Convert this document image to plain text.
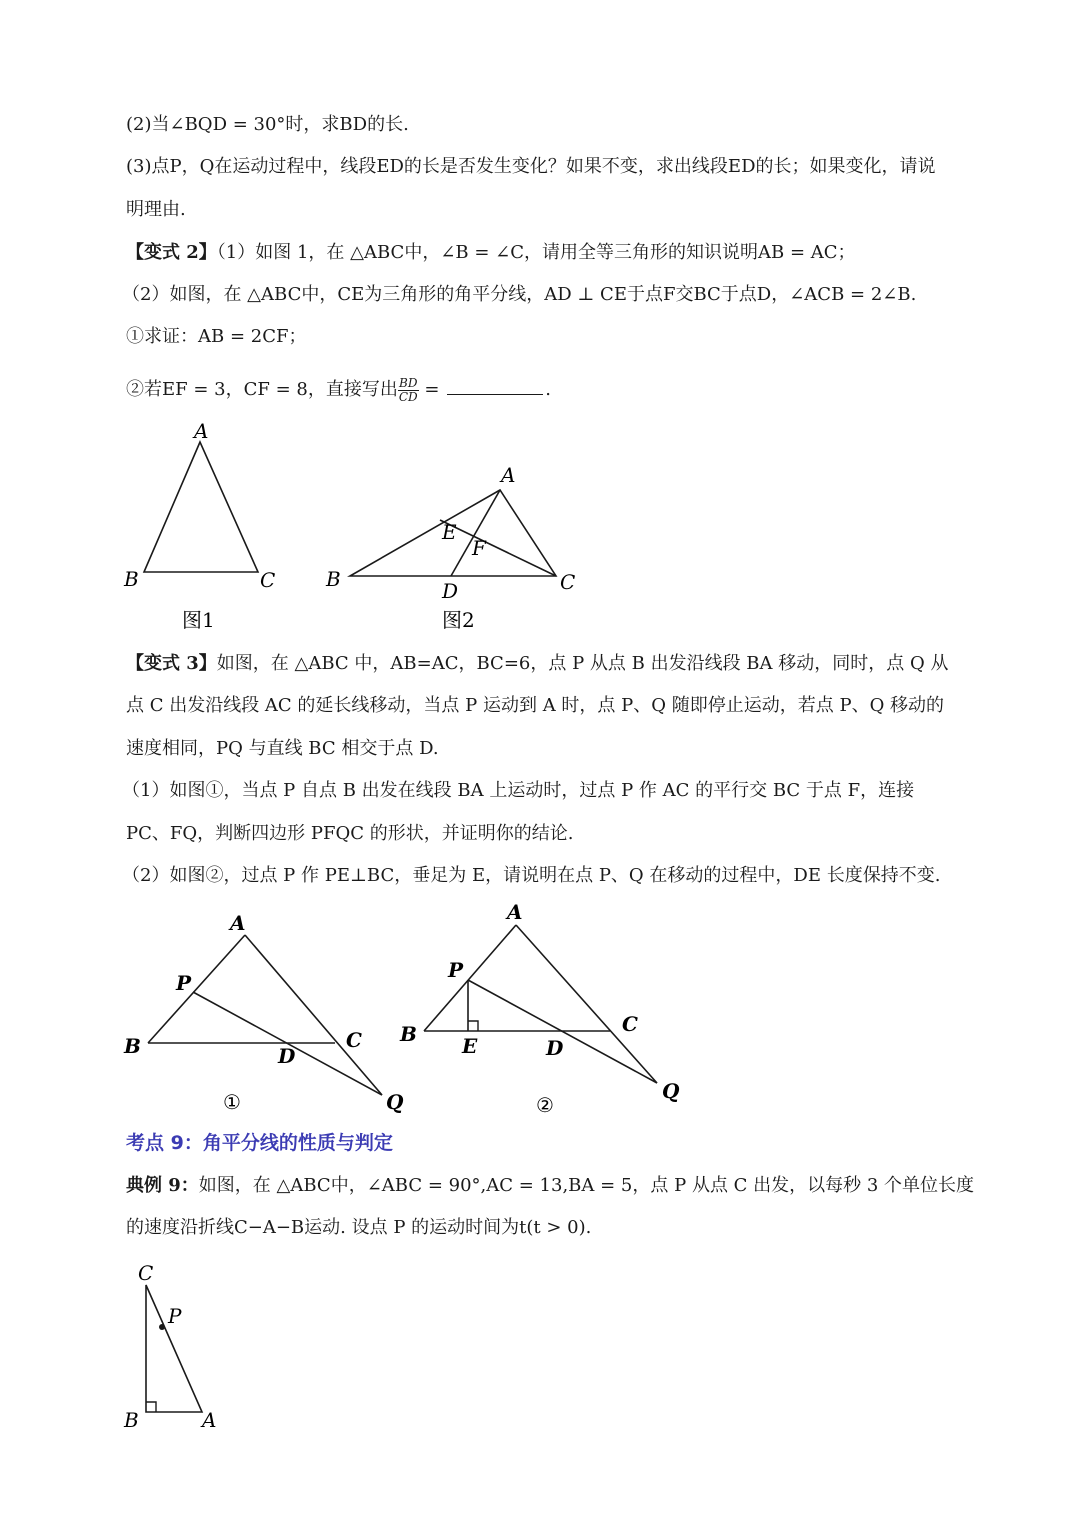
(2)当∠BQD = 30°时，求BD的长.
(3)点P，Q在运动过程中，线段ED的长是否发生变化？如果不变，求出线段ED的长；如果变化，请说
明理由.
【变式 2】（1）如图 1，在 △ABC中，∠B = ∠C，请用全等三角形的知识说明AB = AC；
（2）如图，在 △ABC中，CE为三角形的角平分线，AD ⊥ CE于点F交BC于点D，∠ACB = 2∠B.
①求证：AB = 2CF；
②若EF = 3，CF = 8，直接写出 $\frac{BD}{CD}$ =	.
A
B	C
图1
A
B	C
D
E
F
图2
【变式 3】如图，在 △ABC 中，AB=AC，BC=6，点 P 从点 B 出发沿线段 BA 移动，同时，点 Q 从
点 C 出发沿线段 AC 的延长线移动，当点 P 运动到 A 时，点 P、Q 随即停止运动，若点 P、Q 移动的
速度相同，PQ 与直线 BC 相交于点 D.
（1）如图①，当点 P 自点 B 出发在线段 BA 上运动时，过点 P 作 AC 的平行交 BC 于点 F，连接
PC、FQ，判断四边形 PFQC 的形状，并证明你的结论.
（2）如图②，过点 P 作 PE⊥BC，垂足为 E，请说明在点 P、Q 在移动的过程中，DE 长度保持不变.
A
P
B	C
D
Q
①
A
P
B E
C
D
Q
②
考点 9：角平分线的性质与判定
典例 9：如图，在 △ABC中，∠ABC = 90°,AC = 13,BA = 5，点 P 从点 C 出发，以每秒 3 个单位长度
的速度沿折线C−A−B运动. 设点 P 的运动时间为t(t > 0).
C
P
B	A
